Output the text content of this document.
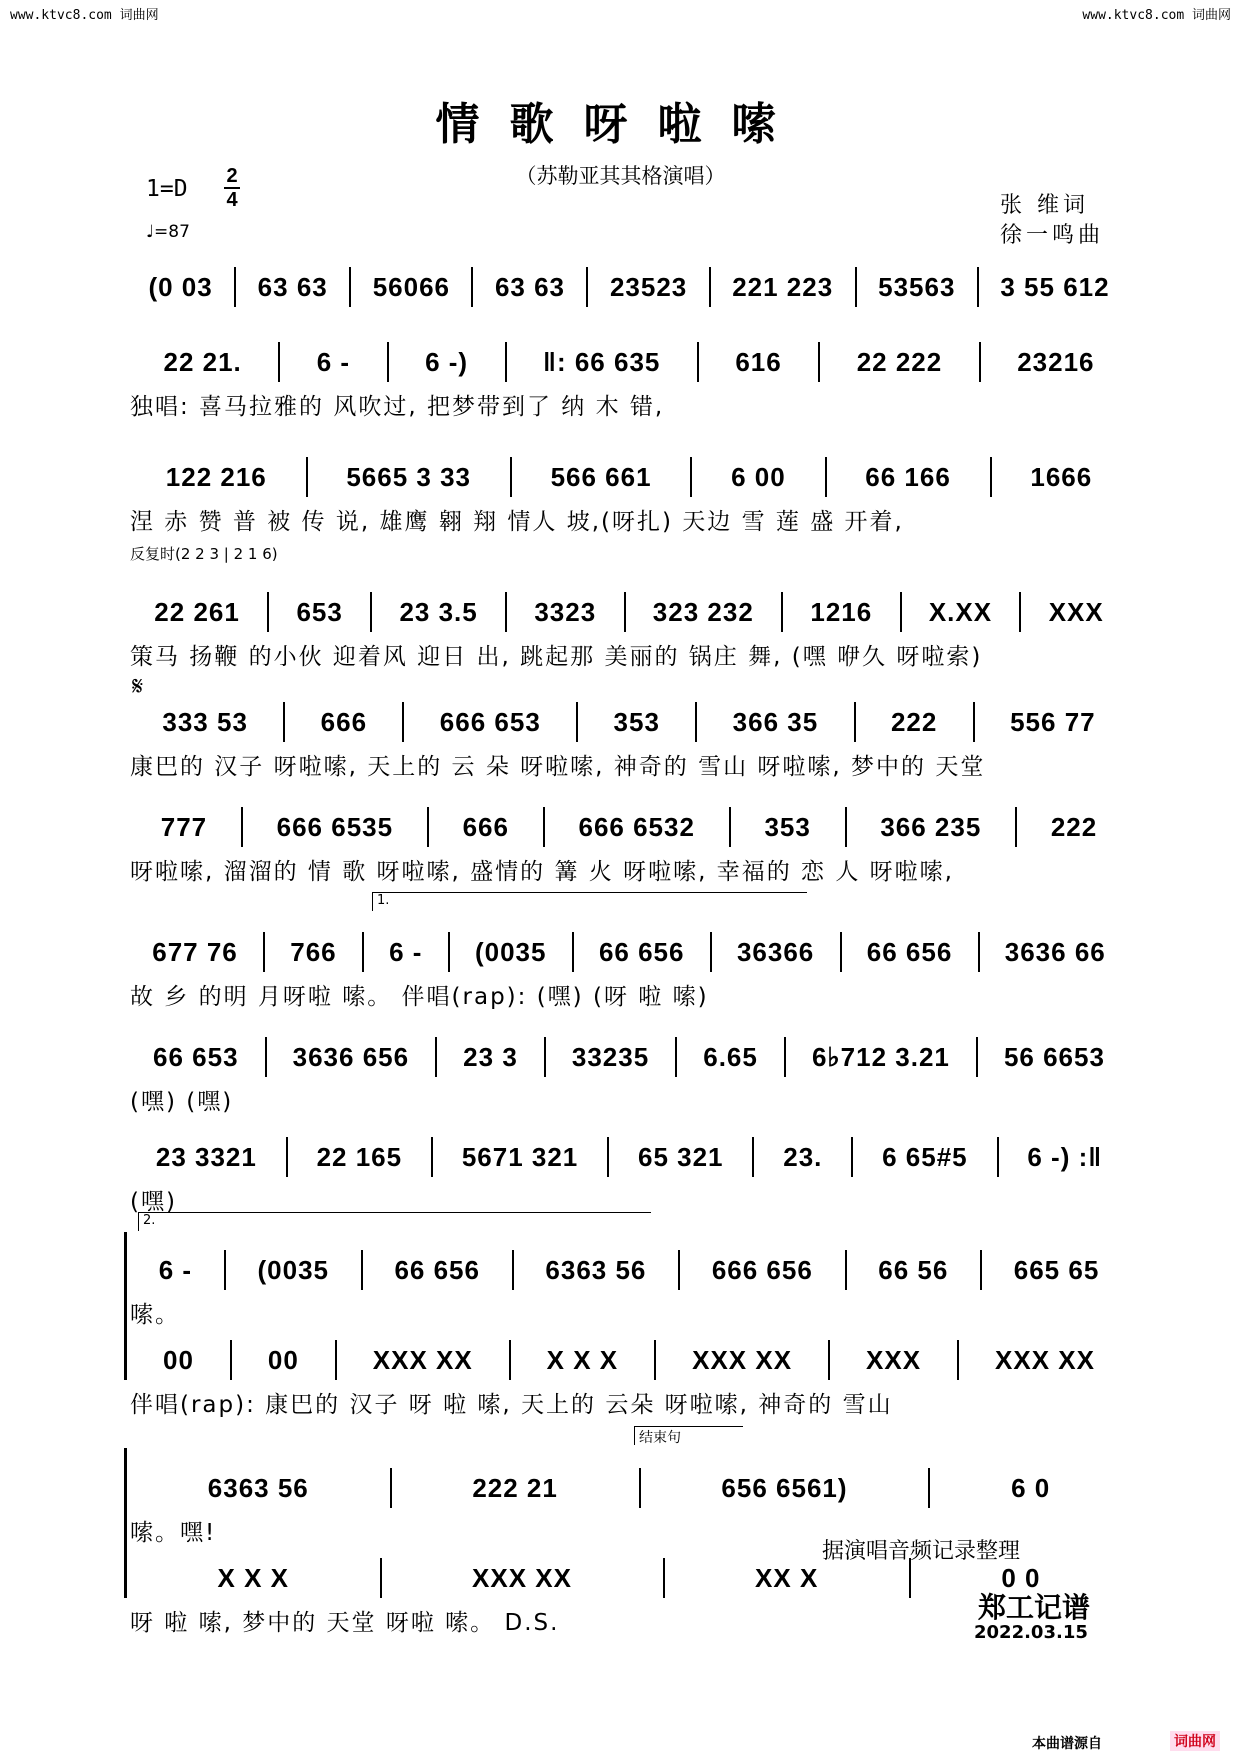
www.ktvc8.com 词曲网	www.ktvc8.com 词曲网
情歌呀啦嗦
（苏勒亚其其格演唱）
1=D 2
4
♩=87
张 维词
徐一鸣曲
(0 03	63 63	56066	63 63	23523	221 223	53563	3 55 612
22 21.	6 -	6 -)	‖: 66 635	616	22 222	23216
独唱: 喜马拉雅的 风吹过, 把梦带到了 纳 木 错,
122 216	5665 3 33	566 661	6 00	66 166	1666
涅 赤 赞 普 被 传 说, 雄鹰 翱 翔 情人 坡,(呀扎) 天边 雪 莲 盛 开着,
22 261	653	23 3.5	3323	323 232	1216	X.XX	XXX
策马 扬鞭 的小伙 迎着风 迎日 出, 跳起那 美丽的 锅庄 舞, (嘿 咿久 呀啦索)
333 53	666	666 653	353	366 35	222	556 77
康巴的 汉子 呀啦嗦, 天上的 云 朵 呀啦嗦, 神奇的 雪山 呀啦嗦, 梦中的 天堂
777	666 6535	666	666 6532	353	366 235	222
呀啦嗦, 溜溜的 情 歌 呀啦嗦, 盛情的 篝 火 呀啦嗦, 幸福的 恋 人 呀啦嗦,
677 76	766	6 -	(0035	66 656	36366	66 656	3636 66
故 乡 的明 月呀啦 嗦。 伴唱(rap): (嘿) (呀 啦 嗦)
66 653	3636 656	23 3	33235	6.65	6♭712 3.21	56 6653
(嘿) (嘿)
23 3321	22 165	5671 321	65 321	23.	6 65#5	6 -) :‖
(嘿)
6 -	(0035	66 656	6363 56	666 656	66 56	665 65
嗦。
00	00	XXX XX	X X X	XXX XX	XXX	XXX XX
伴唱(rap): 康巴的 汉子 呀 啦 嗦, 天上的 云朵 呀啦嗦, 神奇的 雪山
6363 56	222 21	656 6561)	6 0
嗦。嘿!
X X X	XXX XX	XX X	0 0
呀 啦 嗦, 梦中的 天堂 呀啦 嗦。 D.S.
反复时(2 2 3 | 2 1 6)
𝄋
1.
2.
结束句
据演唱音频记录整理
郑工记谱
2022.03.15
本曲谱源自	词曲网
